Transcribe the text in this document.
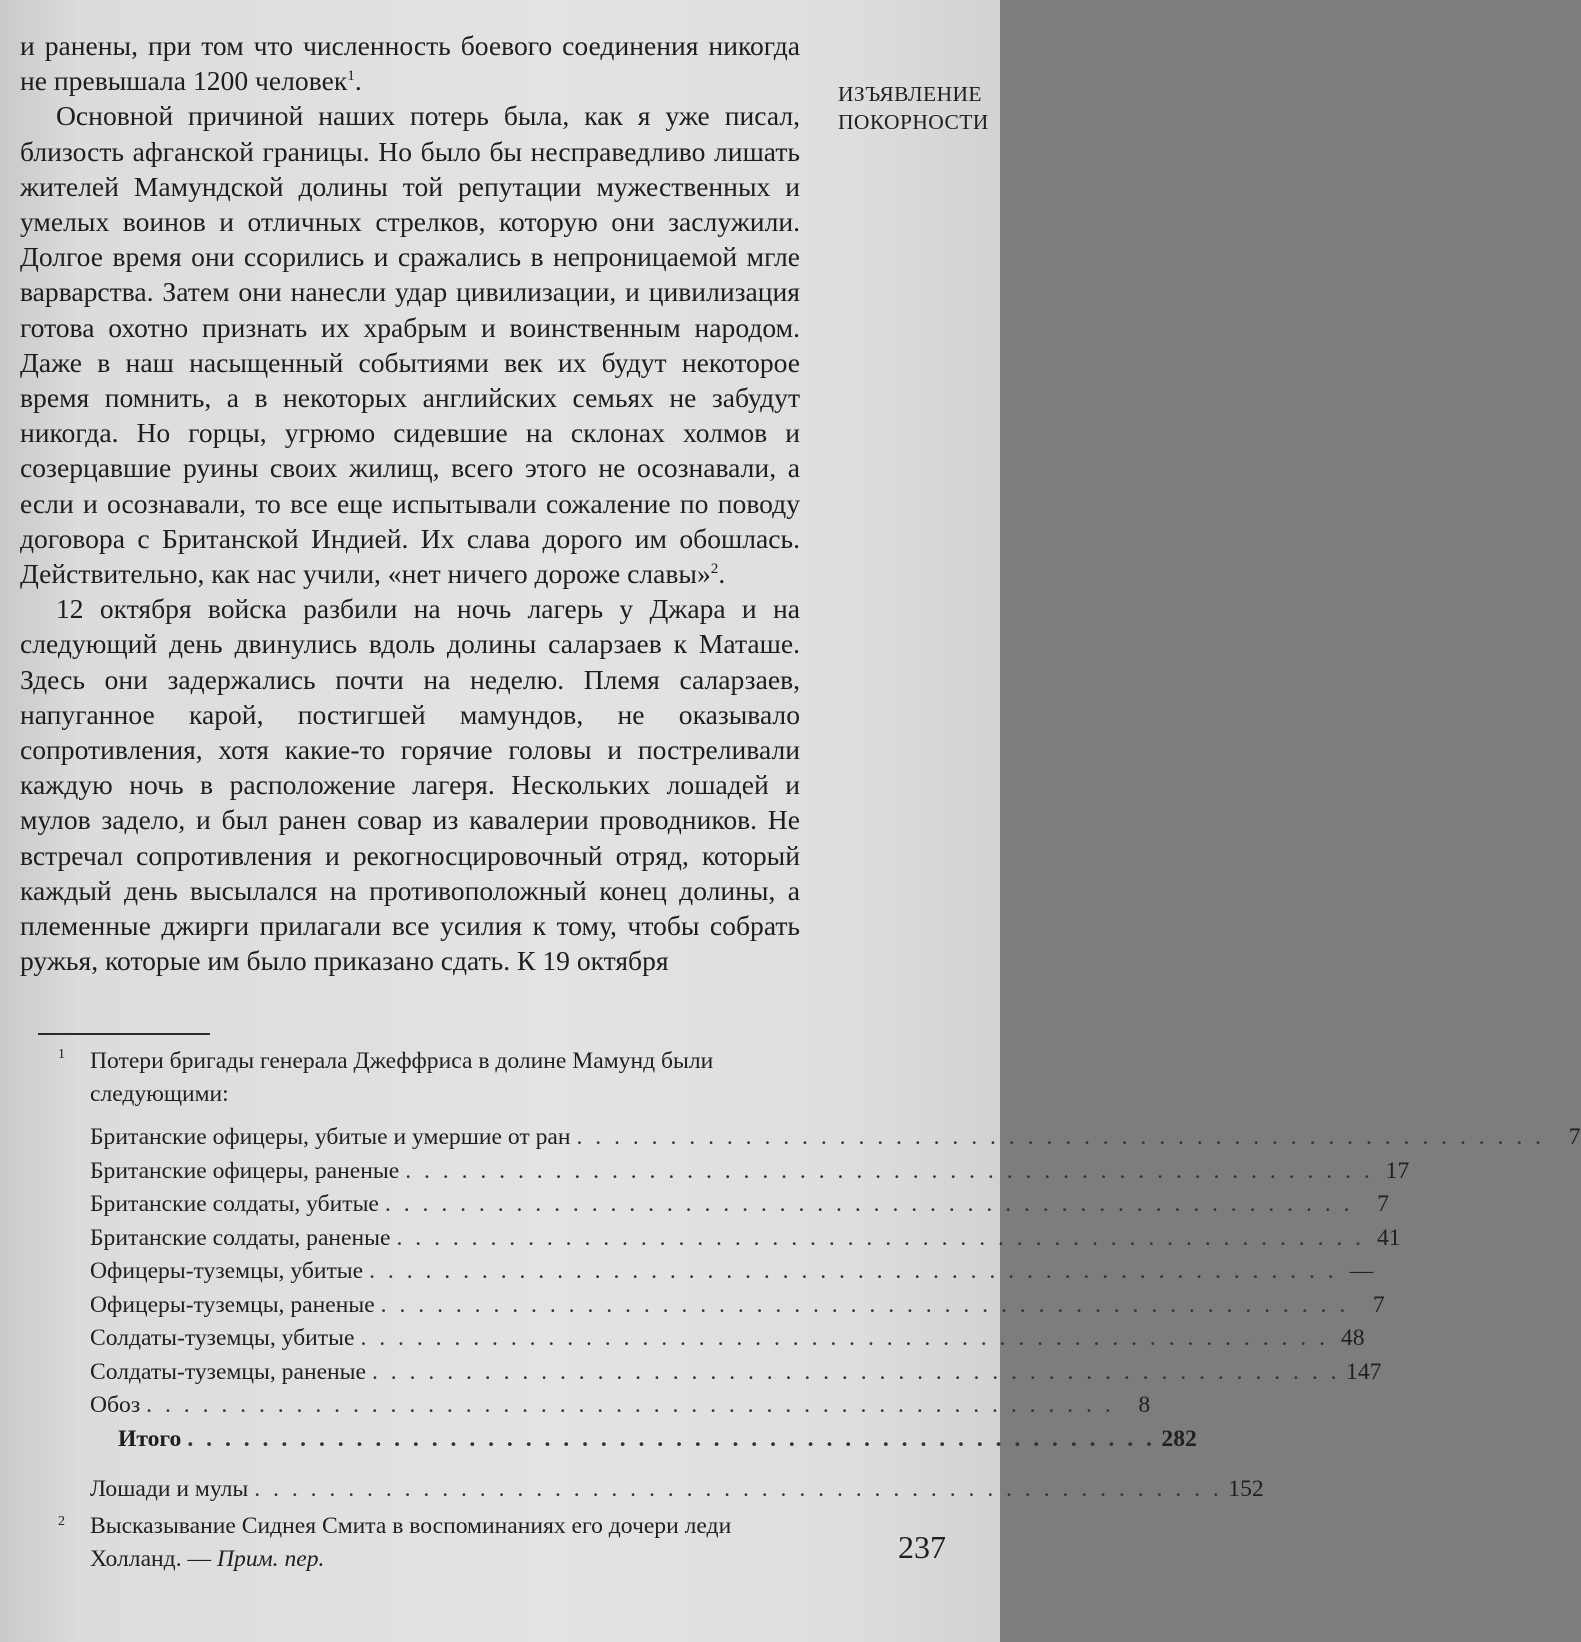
ИЗЪЯВЛЕНИЕ
ПОКОРНОСТИ

и ранены, при том что численность боевого соединения никогда не превышала 1200 человек$^1$.

Основной причиной наших потерь была, как я уже писал, близость афганской границы. Но было бы несправедливо лишать жителей Мамундской долины той репутации мужественных и умелых воинов и отличных стрелков, которую они заслужили. Долгое время они ссорились и сражались в непроницаемой мгле варварства. Затем они нанесли удар цивилизации, и цивилизация готова охотно признать их храбрым и воинственным народом. Даже в наш насыщенный событиями век их будут некоторое время помнить, а в некоторых английских семьях не забудут никогда. Но горцы, угрюмо сидевшие на склонах холмов и созерцавшие руины своих жилищ, всего этого не осознавали, а если и осознавали, то все еще испытывали сожаление по поводу договора с Британской Индией. Их слава дорого им обошлась. Действительно, как нас учили, «нет ничего дороже славы»$^2$.

12 октября войска разбили на ночь лагерь у Джара и на следующий день двинулись вдоль долины саларзаев к Маташе. Здесь они задержались почти на неделю. Племя саларзаев, напуганное карой, постигшей мамундов, не оказывало сопротивления, хотя какие-то горячие головы и постреливали каждую ночь в расположение лагеря. Нескольких лошадей и мулов задело, и был ранен совар из кавалерии проводников. Не встречал сопротивления и рекогносцировочный отряд, который каждый день высылался на противоположный конец долины, а племенные джирги прилагали все усилия к тому, чтобы собрать ружья, которые им было приказано сдать. К 19 октября

1 Потери бригады генерала Джеффриса в долине Мамунд были следующими:
Британские офицеры, убитые и умершие от ран . . . . . . . . . . . . . . . . . . . . . . . . . . . . . . . . . . . . . . . . . . . . . . . . . . . .	7
Британские офицеры, раненые . . . . . . . . . . . . . . . . . . . . . . . . . . . . . . . . . . . . . . . . . . . . . . . . . . . . 17
Британские солдаты, убитые . . . . . . . . . . . . . . . . . . . . . . . . . . . . . . . . . . . . . . . . . . . . . . . . . . . .	7
Британские солдаты, раненые . . . . . . . . . . . . . . . . . . . . . . . . . . . . . . . . . . . . . . . . . . . . . . . . . . . . 41
Офицеры-туземцы, убитые . . . . . . . . . . . . . . . . . . . . . . . . . . . . . . . . . . . . . . . . . . . . . . . . . . . . —
Офицеры-туземцы, раненые . . . . . . . . . . . . . . . . . . . . . . . . . . . . . . . . . . . . . . . . . . . . . . . . . . . .	7
Солдаты-туземцы, убитые . . . . . . . . . . . . . . . . . . . . . . . . . . . . . . . . . . . . . . . . . . . . . . . . . . . . 48
Солдаты-туземцы, раненые . . . . . . . . . . . . . . . . . . . . . . . . . . . . . . . . . . . . . . . . . . . . . . . . . . . . 147
Обоз . . . . . . . . . . . . . . . . . . . . . . . . . . . . . . . . . . . . . . . . . . . . . . . . . . . .	8
Итого . . . . . . . . . . . . . . . . . . . . . . . . . . . . . . . . . . . . . . . . . . . . . . . . . . . . 282
Лошади и мулы . . . . . . . . . . . . . . . . . . . . . . . . . . . . . . . . . . . . . . . . . . . . . . . . . . . . 152
2 Высказывание Сиднея Смита в воспоминаниях его дочери леди Холланд. — Прим. пер.	237
